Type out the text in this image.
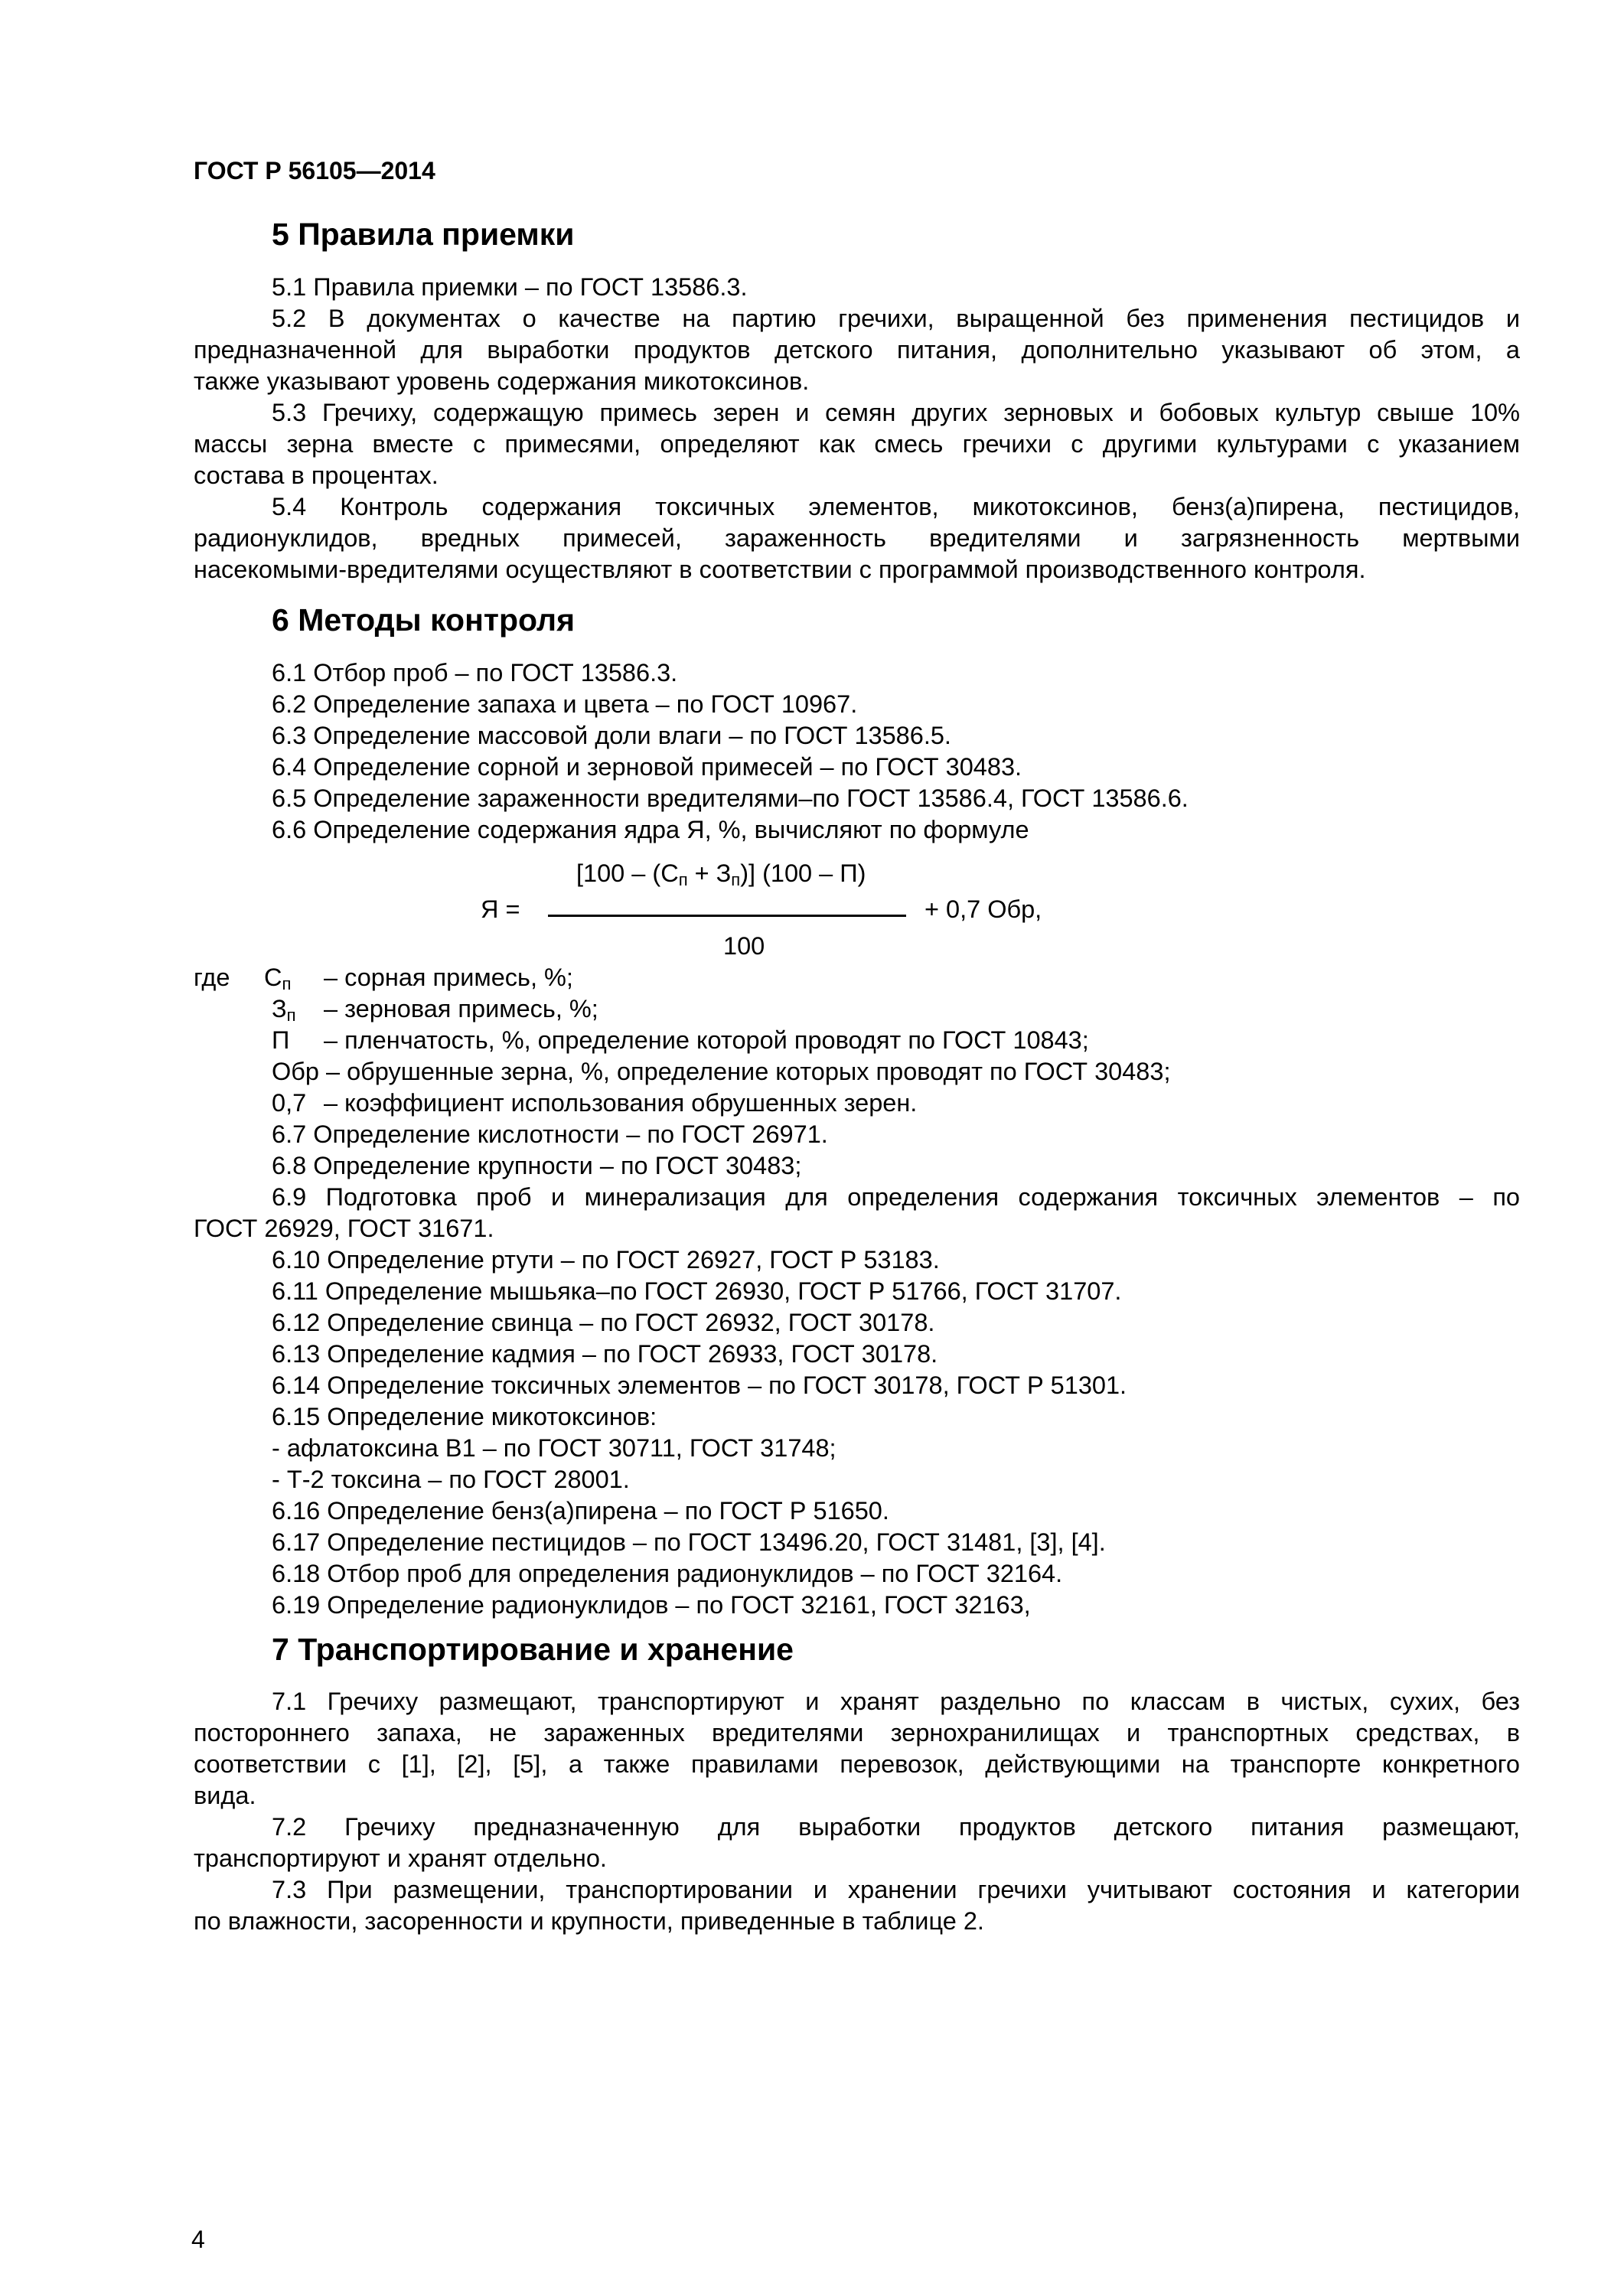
ГОСТ Р 56105—2014
5 Правила приемки
5.1 Правила приемки – по ГОСТ 13586.3.
5.2 В документах о качестве на партию гречихи, выращенной без применения пестицидов и
предназначенной для выработки продуктов детского питания, дополнительно указывают об этом, а
также указывают уровень содержания микотоксинов.
5.3 Гречиху, содержащую примесь зерен и семян других зерновых и бобовых культур свыше 10%
массы зерна вместе с примесями, определяют как смесь гречихи с другими культурами с указанием
состава в процентах.
5.4 Контроль содержания токсичных элементов, микотоксинов, бенз(а)пирена, пестицидов,
радионуклидов, вредных примесей, зараженность вредителями и загрязненность мертвыми
насекомыми-вредителями осуществляют в соответствии с программой производственного контроля.
6 Методы контроля
6.1 Отбор проб – по ГОСТ 13586.3.
6.2 Определение запаха и цвета – по ГОСТ 10967.
6.3 Определение массовой доли влаги – по ГОСТ 13586.5.
6.4 Определение сорной и зерновой примесей – по ГОСТ 30483.
6.5 Определение зараженности вредителями–по ГОСТ 13586.4, ГОСТ 13586.6.
6.6 Определение содержания ядра Я, %, вычисляют по формуле
$[100 - (С_п + З_п)]$ (100 – П)
Я =	+ 0,7 Обр,
100
где $С_п$ – сорная примесь, %;
$З_п$ – зерновая примесь, %;
П – пленчатость, %, определение которой проводят по ГОСТ 10843;
Обр – обрушенные зерна, %, определение которых проводят по ГОСТ 30483;
0,7 – коэффициент использования обрушенных зерен.
6.7 Определение кислотности – по ГОСТ 26971.
6.8 Определение крупности – по ГОСТ 30483;
6.9 Подготовка проб и минерализация для определения содержания токсичных элементов – по
ГОСТ 26929, ГОСТ 31671.
6.10 Определение ртути – по ГОСТ 26927, ГОСТ Р 53183.
6.11 Определение мышьяка–по ГОСТ 26930, ГОСТ Р 51766, ГОСТ 31707.
6.12 Определение свинца – по ГОСТ 26932, ГОСТ 30178.
6.13 Определение кадмия – по ГОСТ 26933, ГОСТ 30178.
6.14 Определение токсичных элементов – по ГОСТ 30178, ГОСТ Р 51301.
6.15 Определение микотоксинов:
- афлатоксина В1 – по ГОСТ 30711, ГОСТ 31748;
- Т-2 токсина – по ГОСТ 28001.
6.16 Определение бенз(а)пирена – по ГОСТ Р 51650.
6.17 Определение пестицидов – по ГОСТ 13496.20, ГОСТ 31481, [3], [4].
6.18 Отбор проб для определения радионуклидов – по ГОСТ 32164.
6.19 Определение радионуклидов – по ГОСТ 32161, ГОСТ 32163,
7 Транспортирование и хранение
7.1 Гречиху размещают, транспортируют и хранят раздельно по классам в чистых, сухих, без
постороннего запаха, не зараженных вредителями зернохранилищах и транспортных средствах, в
соответствии с [1], [2], [5], а также правилами перевозок, действующими на транспорте конкретного
вида.
7.2 Гречиху предназначенную для выработки продуктов детского питания размещают,
транспортируют и хранят отдельно.
7.3 При размещении, транспортировании и хранении гречихи учитывают состояния и категории
по влажности, засоренности и крупности, приведенные в таблице 2.
4
